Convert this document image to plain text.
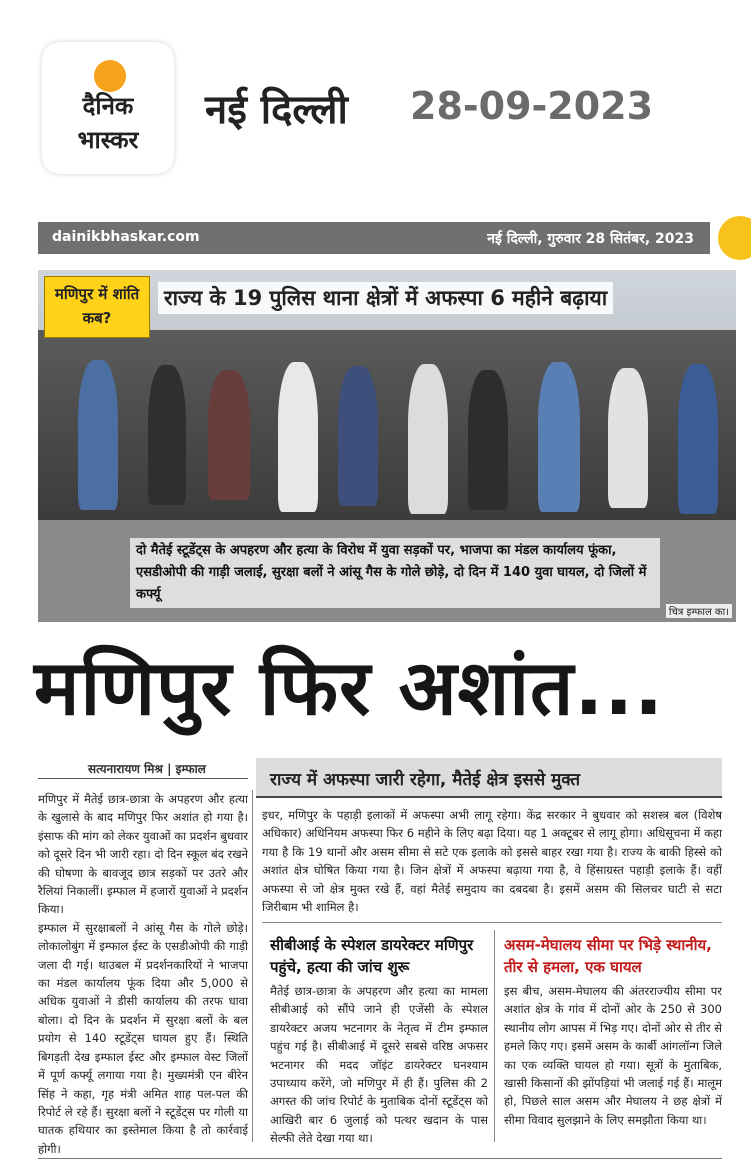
दैनिक
भास्कर
नई दिल्ली 28-09-2023
dainikbhaskar.com	नई दिल्ली, गुरुवार 28 सितंबर, 2023
मणिपुर में शांति कब?
राज्य के 19 पुलिस थाना क्षेत्रों में अफस्पा 6 महीने बढ़ाया
दो मैतेई स्टूडेंट्स के अपहरण और हत्या के विरोध में युवा सड़कों पर, भाजपा का मंडल कार्यालय फूंका, एसडीओपी की गाड़ी जलाई, सुरक्षा बलों ने आंसू गैस के गोले छोड़े, दो दिन में 140 युवा घायल, दो जिलों में कर्फ्यू
चित्र इम्फाल का।
मणिपुर फिर अशांत...
सत्यनारायण मिश्र | इम्फाल
राज्य में अफस्पा जारी रहेगा, मैतेई क्षेत्र इससे मुक्त

मणिपुर में मैतेई छात्र-छात्रा के अपहरण और हत्या के खुलासे के बाद मणिपुर फिर अशांत हो गया है। इंसाफ की मांग को लेकर युवाओं का प्रदर्शन बुधवार को दूसरे दिन भी जारी रहा। दो दिन स्कूल बंद रखने की घोषणा के बावजूद छात्र सड़कों पर उतरे और रैलियां निकालीं। इम्फाल में हजारों युवाओं ने प्रदर्शन किया।

इम्फाल में सुरक्षाबलों ने आंसू गैस के गोले छोड़े। लोकालोबुंग में इम्फाल ईस्ट के एसडीओपी की गाड़ी जला दी गई। थाउबल में प्रदर्शनकारियों ने भाजपा का मंडल कार्यालय फूंक दिया और 5,000 से अधिक युवाओं ने डीसी कार्यालय की तरफ धावा बोला। दो दिन के प्रदर्शन में सुरक्षा बलों के बल प्रयोग से 140 स्टूडेंट्स घायल हुए हैं। स्थिति बिगड़ती देख इम्फाल ईस्ट और इम्फाल वेस्ट जिलों में पूर्ण कर्फ्यू लगाया गया है। मुख्यमंत्री एन बीरेन सिंह ने कहा, गृह मंत्री अमित शाह पल-पल की रिपोर्ट ले रहे हैं। सुरक्षा बलों ने स्टूडेंट्स पर गोली या घातक हथियार का इस्तेमाल किया है तो कार्रवाई होगी।

इधर, मणिपुर के पहाड़ी इलाकों में अफस्पा अभी लागू रहेगा। केंद्र सरकार ने बुधवार को सशस्त्र बल (विशेष अधिकार) अधिनियम अफस्पा फिर 6 महीने के लिए बढ़ा दिया। यह 1 अक्टूबर से लागू होगा। अधिसूचना में कहा गया है कि 19 थानों और असम सीमा से सटे एक इलाके को इससे बाहर रखा गया है। राज्य के बाकी हिस्से को अशांत क्षेत्र घोषित किया गया है। जिन क्षेत्रों में अफस्पा बढ़ाया गया है, वे हिंसाग्रस्त पहाड़ी इलाके हैं। वहीं अफस्पा से जो क्षेत्र मुक्त रखे हैं, वहां मैतेई समुदाय का दबदबा है। इसमें असम की सिलचर घाटी से सटा जिरीबाम भी शामिल है।
सीबीआई के स्पेशल डायरेक्टर मणिपुर पहुंचे, हत्या की जांच शुरू
मैतेई छात्र-छात्रा के अपहरण और हत्या का मामला सीबीआई को सौंपे जाने ही एजेंसी के स्पेशल डायरेक्टर अजय भटनागर के नेतृत्व में टीम इम्फाल पहुंच गई है। सीबीआई में दूसरे सबसे वरिष्ठ अफसर भटनागर की मदद जॉइंट डायरेक्टर घनश्याम उपाध्याय करेंगे, जो मणिपुर में ही हैं। पुलिस की 2 अगस्त की जांच रिपोर्ट के मुताबिक दोनों स्टूडेंट्स को आखिरी बार 6 जुलाई को पत्थर खदान के पास सेल्फी लेते देखा गया था।
असम-मेघालय सीमा पर भिड़े स्थानीय, तीर से हमला, एक घायल
इस बीच, असम-मेघालय की अंतरराज्यीय सीमा पर अशांत क्षेत्र के गांव में दोनों ओर के 250 से 300 स्थानीय लोग आपस में भिड़ गए। दोनों ओर से तीर से हमले किए गए। इसमें असम के कार्बी आंगलॉन्ग जिले का एक व्यक्ति घायल हो गया। सूत्रों के मुताबिक, खासी किसानों की झोंपड़ियां भी जलाई गई हैं। मालूम हो, पिछले साल असम और मेघालय ने छह क्षेत्रों में सीमा विवाद सुलझाने के लिए समझौता किया था।
